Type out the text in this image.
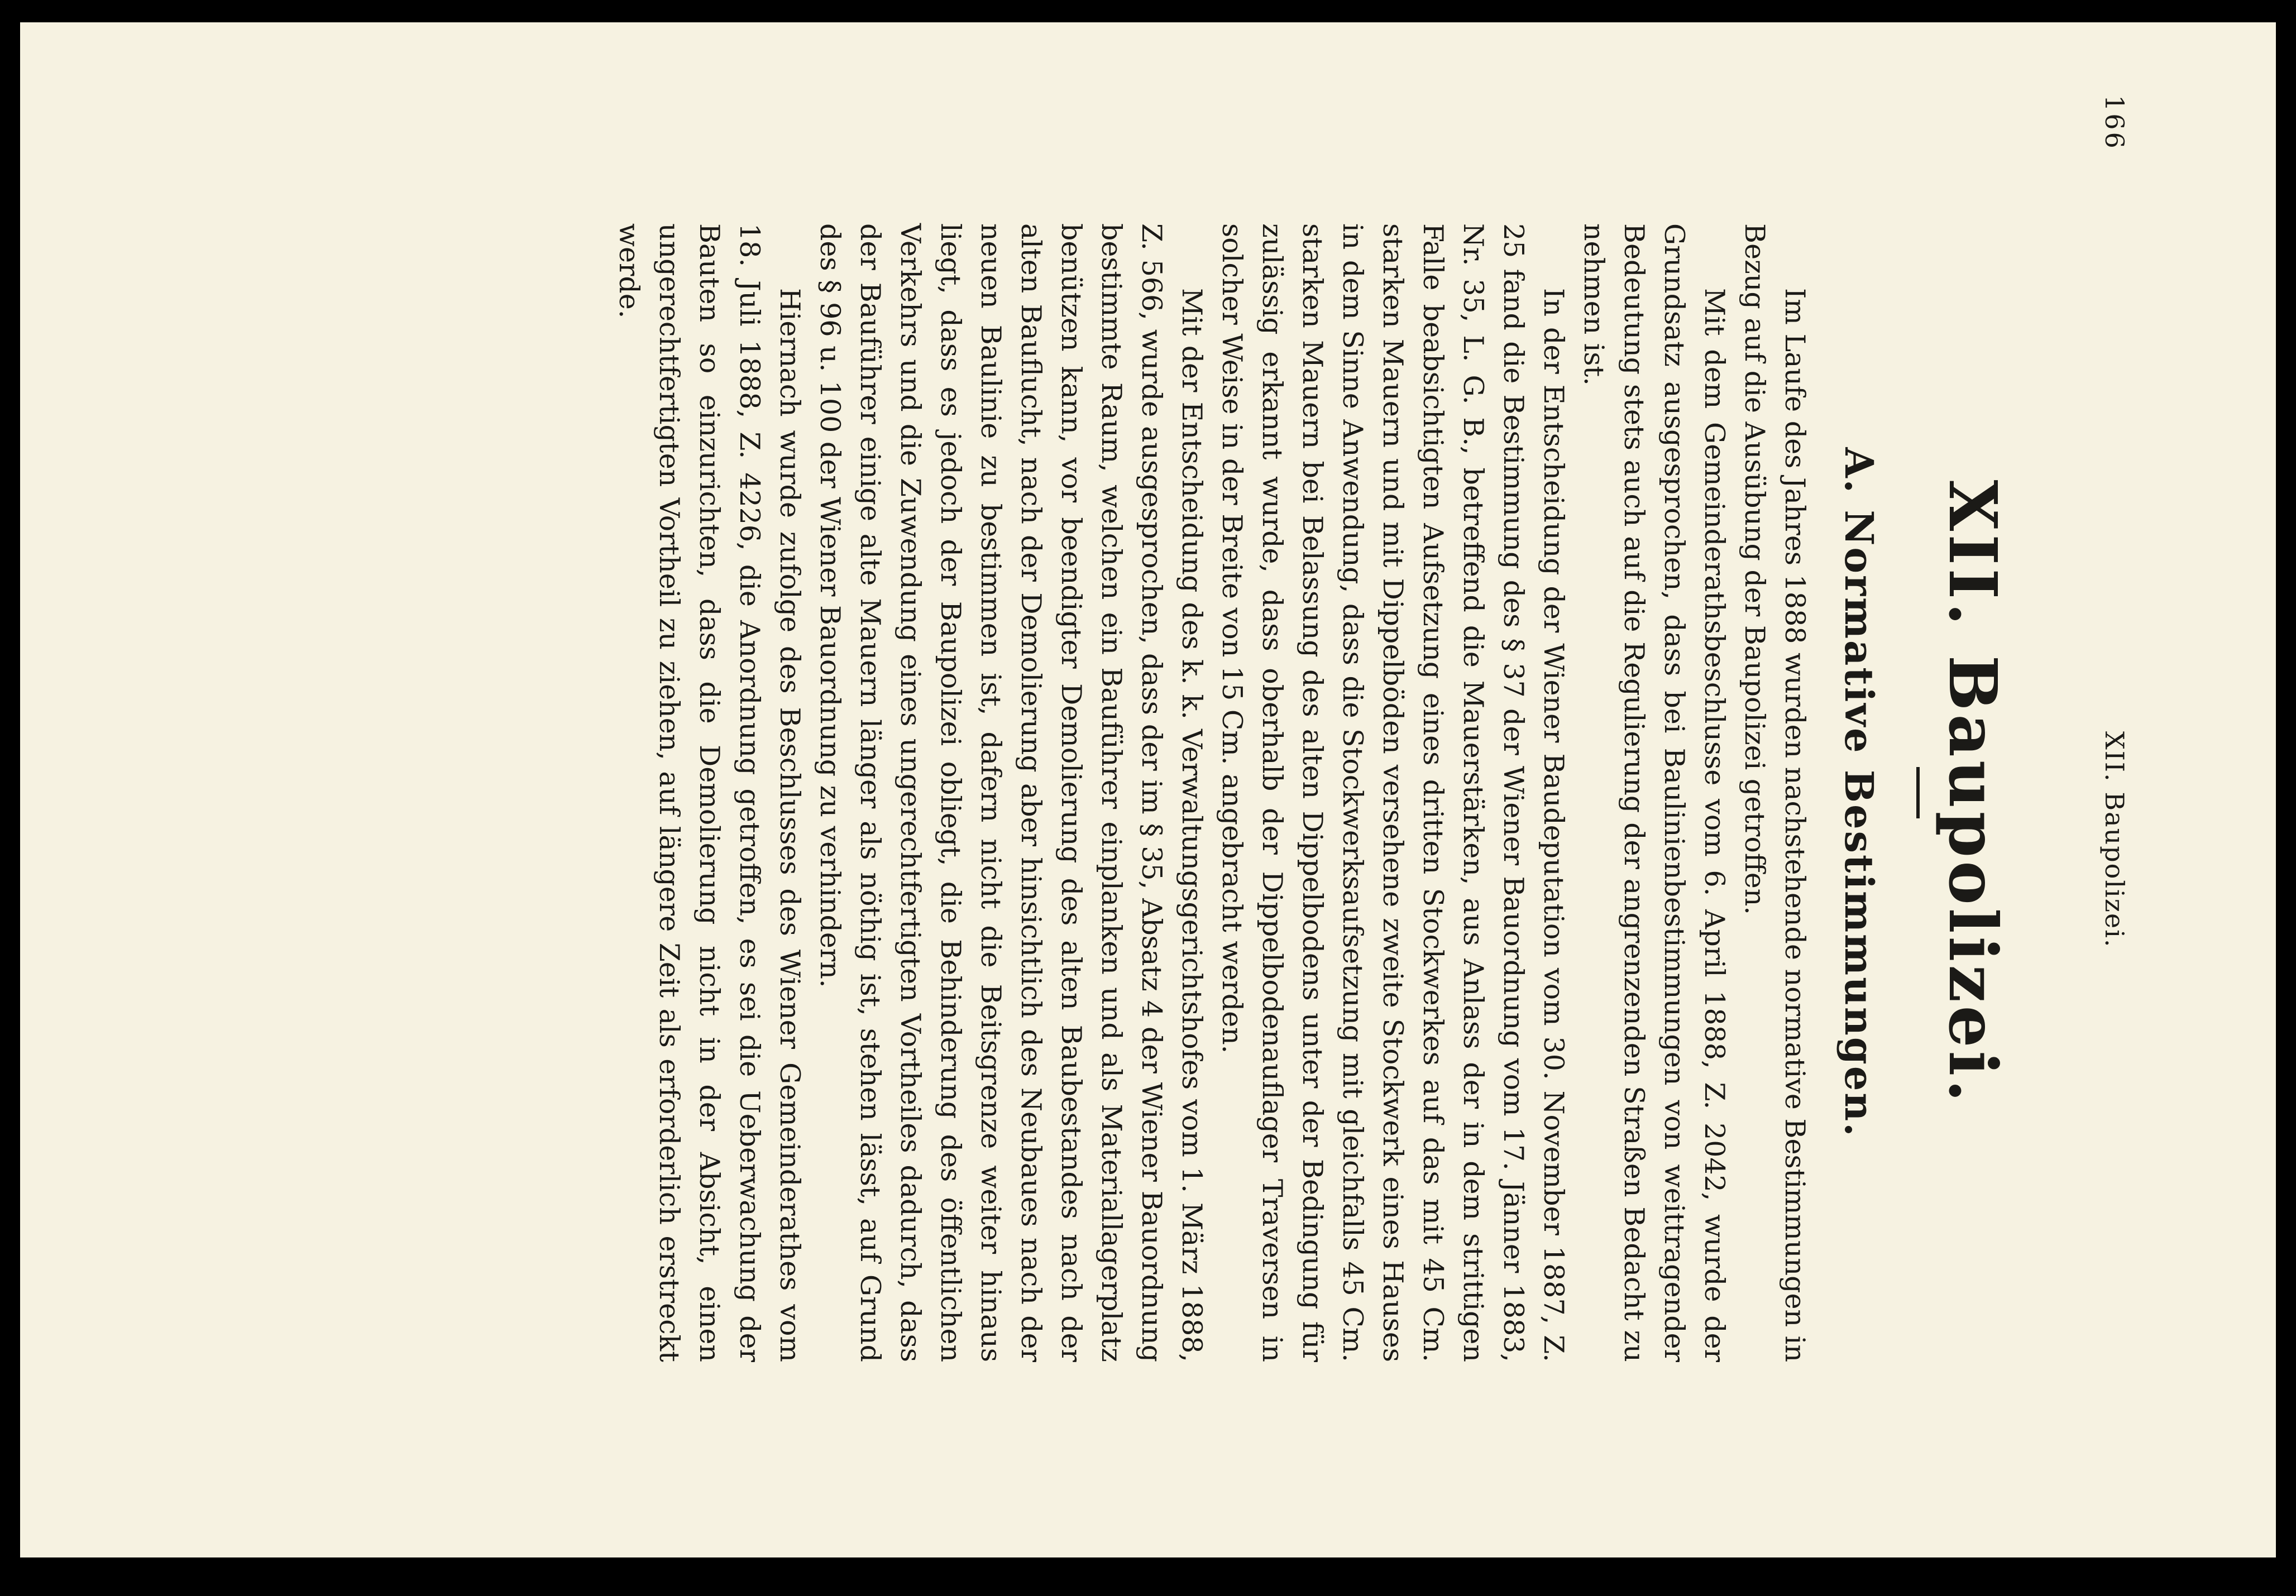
166
XII. Baupolizei.
XII. Baupolizei.
A. Normative Bestimmungen.

Im Laufe des Jahres 1888 wurden nachstehende normative Bestimmungen in Bezug auf die Ausübung der Baupolizei getroffen.

Mit dem Gemeinderathsbeschlusse vom 6. April 1888, Z. 2042, wurde der Grundsatz ausgesprochen, dass bei Baulinienbestimmungen von weittragender Bedeutung stets auch auf die Regulierung der angrenzenden Straßen Bedacht zu nehmen ist.

In der Entscheidung der Wiener Baudeputation vom 30. November 1887, Z. 25 fand die Bestimmung des § 37 der Wiener Bauordnung vom 17. Jänner 1883, Nr. 35, L. G. B., betreffend die Mauerstärken, aus Anlass der in dem strittigen Falle beabsichtigten Aufsetzung eines dritten Stockwerkes auf das mit 45 Cm. starken Mauern und mit Dippelböden versehene zweite Stockwerk eines Hauses in dem Sinne Anwendung, dass die Stockwerksaufsetzung mit gleichfalls 45 Cm. starken Mauern bei Belassung des alten Dippelbodens unter der Bedingung für zulässig erkannt wurde, dass oberhalb der Dippelbodenauflager Traversen in solcher Weise in der Breite von 15 Cm. angebracht werden.

Mit der Entscheidung des k. k. Verwaltungsgerichtshofes vom 1. März 1888, Z. 566, wurde ausgesprochen, dass der im § 35, Absatz 4 der Wiener Bauordnung bestimmte Raum, welchen ein Bauführer einplanken und als Materiallagerplatz benützen kann, vor beendigter Demolierung des alten Baubestandes nach der alten Bauflucht, nach der Demolierung aber hinsichtlich des Neubaues nach der neuen Baulinie zu bestimmen ist, dafern nicht die Beitsgrenze weiter hinaus liegt, dass es jedoch der Baupolizei obliegt, die Behinderung des öffentlichen Verkehrs und die Zuwendung eines ungerechtfertigten Vortheiles dadurch, dass der Bauführer einige alte Mauern länger als nöthig ist, stehen lässt, auf Grund des § 96 u. 100 der Wiener Bauordnung zu verhindern.

Hiernach wurde zufolge des Beschlusses des Wiener Gemeinderathes vom 18. Juli 1888, Z. 4226, die Anordnung getroffen, es sei die Ueberwachung der Bauten so einzurichten, dass die Demolierung nicht in der Absicht, einen ungerechtfertigten Vortheil zu ziehen, auf längere Zeit als erforderlich erstreckt werde.
